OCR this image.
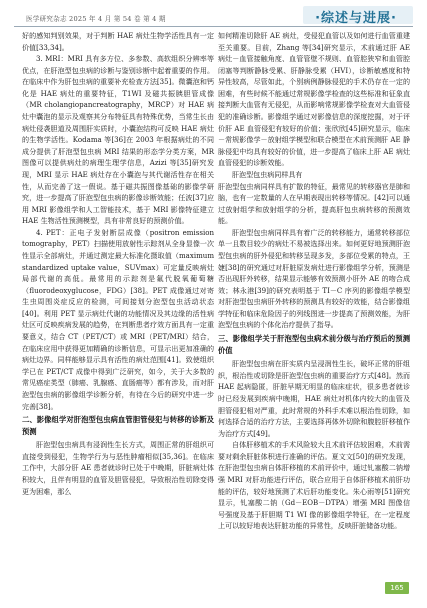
医学研究杂志 2025 年 4 月 第 54 卷 第 4 期	·综述与进展·

好的感知判别效果，对于判断 HAE 病灶生物学活性具有一定价值[33,34]。

3. MRI：MRI 具有多方位、多参数、高软组织分辨率等优点，在肝泡型包虫病的诊断与鉴别诊断中起着重要的作用。在临床中作为肝包虫病的重要补充检查方法[35]。微囊泡和钙化是 HAE 病灶的重要特征，T1WI 及磁共振胰胆管成像（MR cholangiopancreatography，MRCP）对 HAE 病灶中囊泡的显示及观察其分布特征具有特殊优势，当常生长由病灶侵袭胆道及周围肝实质时，小囊泡结构可反映 HAE 病灶的生物学活性。Kodama 等[36]在 2003 年根据病灶的不同成分提供了肝泡型包虫病 MRI 结果的形态学分类方案，MR 图像可以提供病灶的病理生理学信息，Azizi 等[35]研究发现，MRI 显示 HAE 病灶存在小囊泡与其代谢活性存在相关性，从而完善了这一假说。基于磁共振图像基础的影像学研究，进一步提高了肝泡型包虫病的影像诊断效能；任波[37]应用 MRI 影像组学和人工智能技术，基于 MRI 影像特征建立 HAE 生物活性预测模型，具有非常良好的预测价值。

4. PET：正电子发射断层成像（positron emission tomography，PET）扫描使用放射性示踪剂从全身显像一次性显示全部病灶，并通过测定最大标准化摄取值（maximum standardized uptake value，SUVmax）可定量反映病灶局部代谢的高低。最常用的示踪剂是氟代脱氧葡萄糖（fluorodeoxyglucose，FDG）[38]。PET 成像通过对寄生虫周围炎症反应的检测，可间接划分泡型包虫活动状态[40]。利用 PET 显示病灶代谢的功能情况及其边缘的活性病灶区可反映疾病发展的趋势，在判断患者疗效方面具有一定重要意义，结合 CT（PET/CT）或 MRI（PET/MRI）结合，在临床应用中获得更加精确的诊断信息，可显示出更加准确的病灶边界。同样能够显示具有活性的病灶范围[41]。致使组织学已在 PET/CT 成像中得到广泛研究，如今，关于大多数的常见癌症类型（肺癌、乳腺癌、直肠癌等）都有涉及，而对肝泡型包虫病的影像组学诊断分析，有待在今后的研究中进一步完善[38]。

二、影像组学对肝泡型包虫病血管胆管侵犯与转移的诊断及预测

肝泡型包虫病具有浸润性生长方式，周围正常的肝组织可直接受到侵犯，生物学行为与恶性肿瘤相似[35,36]。在临床工作中，大部分肝 AE 患者就诊时已处于中晚期，肝脏病灶体积较大，且伴有明显的血管及胆管侵犯，导致根治性切除变得更为困难，那么

如何精准切除肝 AE 病灶，受侵犯血管以及如何进行血管重建至关重要。目前，Zhang 等[34]研究显示，术前通过肝 AE 病灶－血管接触角度、血管管壁不规则、血管腔狭窄和血管腔闭塞等判断静脉受累、肝静脉受累（HVI），诊断敏感度和特异性较高，尽管如此，个别病例静脉侵犯的手术仍存在一定的困难，有些时候不能通过常规影像学检查的这些标准和征象直接判断大血管有无侵犯，从而影响常规影像学检查对大血管侵犯的准确诊断。影像组学通过对影像信息的深度挖掘，对于评价肝 AE 血管侵犯有较好的价值；张欣欣[45]研究显示，临床－常规影像学－放射组学模型和联合模型在术前预测肝 AE 静脉侵犯中均具有较好的价值，进一步提高了临床上肝 AE 病灶血管侵犯的诊断效能。

肝泡型包虫病同样具有

肝泡型包虫病同样具有扩散的特征，最常见的转移器官是肺和脑，也有一定数量的人在早期表现出转移等情况。[42]可以通过放射组学和放射组学的分析，提高肝包虫病转移的预测效能。

肝泡型包虫病同样具有着广泛的转移能力，通常转移部位单一且数目较少的病灶不易被选择出来。如何更好地预测肝泡型包虫病的肝外侵犯和转移呈现多发，多部位受累的特点，王婕[38]的研究通过对肝脏原发病灶进行影像组学分析，预测是否出现肝外转移，结果显示能够有效预测小肝外 AE 的吻合成效；林永港[39]的研究表明基于 TI－C 序列的影像组学模型对肝泡型包虫病肝外转移的预测具有较好的效能，结合影像组学特征和临床危险因子的列线图进一步提高了预测效能，为肝泡型包虫病的个体化治疗提供了指导。

三、影像组学关于肝泡型包虫病术前分级与治疗预后的预测价值

肝泡型包虫病在肝实质内呈浸润性生长，破坏正常的肝组织，根治性或切除是肝泡型包虫病的重要治疗方式[48]。然而 HAE 起病隐匿，肝脏早期无明显的临床症状，很多患者就诊时已经发展到疾病中晚期，HAE 病灶对机体内较大的血管及胆管侵犯相对严重，此时常规的外科手术难以根治性切除，如何选择合适的治疗方法，主要选择再体外切除和腹腔肝移植作为治疗方式[49]。

自体肝移植术的手术风险较大且术前评估较困难，术前需要对剩余肝脏体积进行准确的评估。夏文文[50]的研究发现，在肝泡型包虫病自体肝移植的术前评价中，通过钆塞酸二钠增强 MRI 对肝功能进行评估，联合应用于自体肝移植术前肝功能的评估，较好地预测了术后肝功能变化。朱心雨等[51]研究显示，钆塞酸二钠（Gd－EOB－DTPA）增强 MRI 图像信号强度及基于肝胆期 T1 WI 像的影像组学特征，在一定程度上可以较好地表达肝脏功能的异常性，反映肝脏储备功能。

165
